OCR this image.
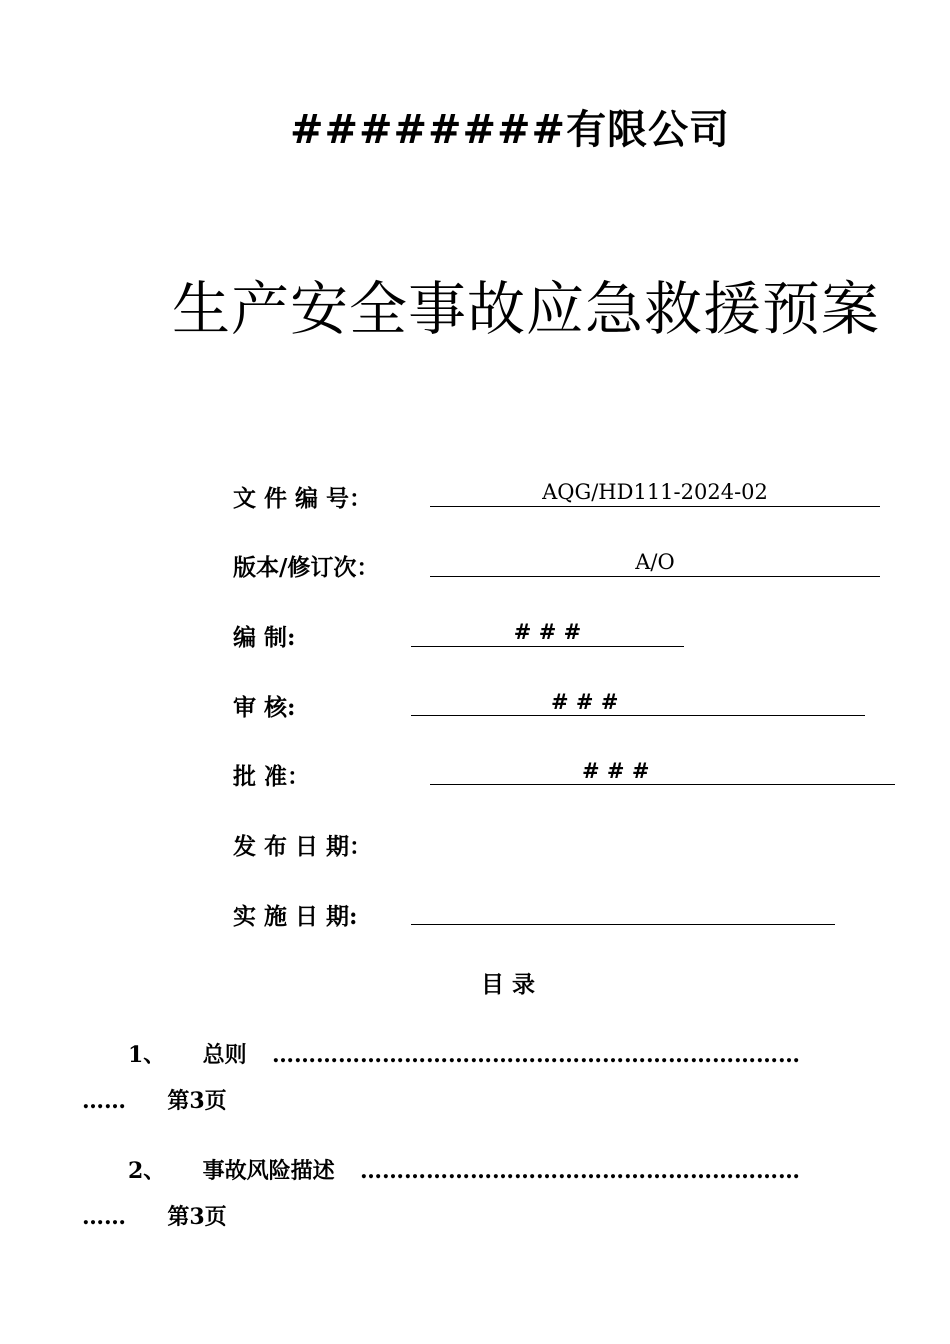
########有限公司
生产安全事故应急救援预案
文 件 编 号：	AQG/HD111-2024-02
版本/修订次：	A/O
编 制:	# # #
审 核:	# # #
批 准：	# # #
发 布 日 期：
实 施 日 期:
目 录
1、 总则 ………………………………………………………………
…… 第3页
2、 事故风险描述 ……………………………………………………
…… 第3页
